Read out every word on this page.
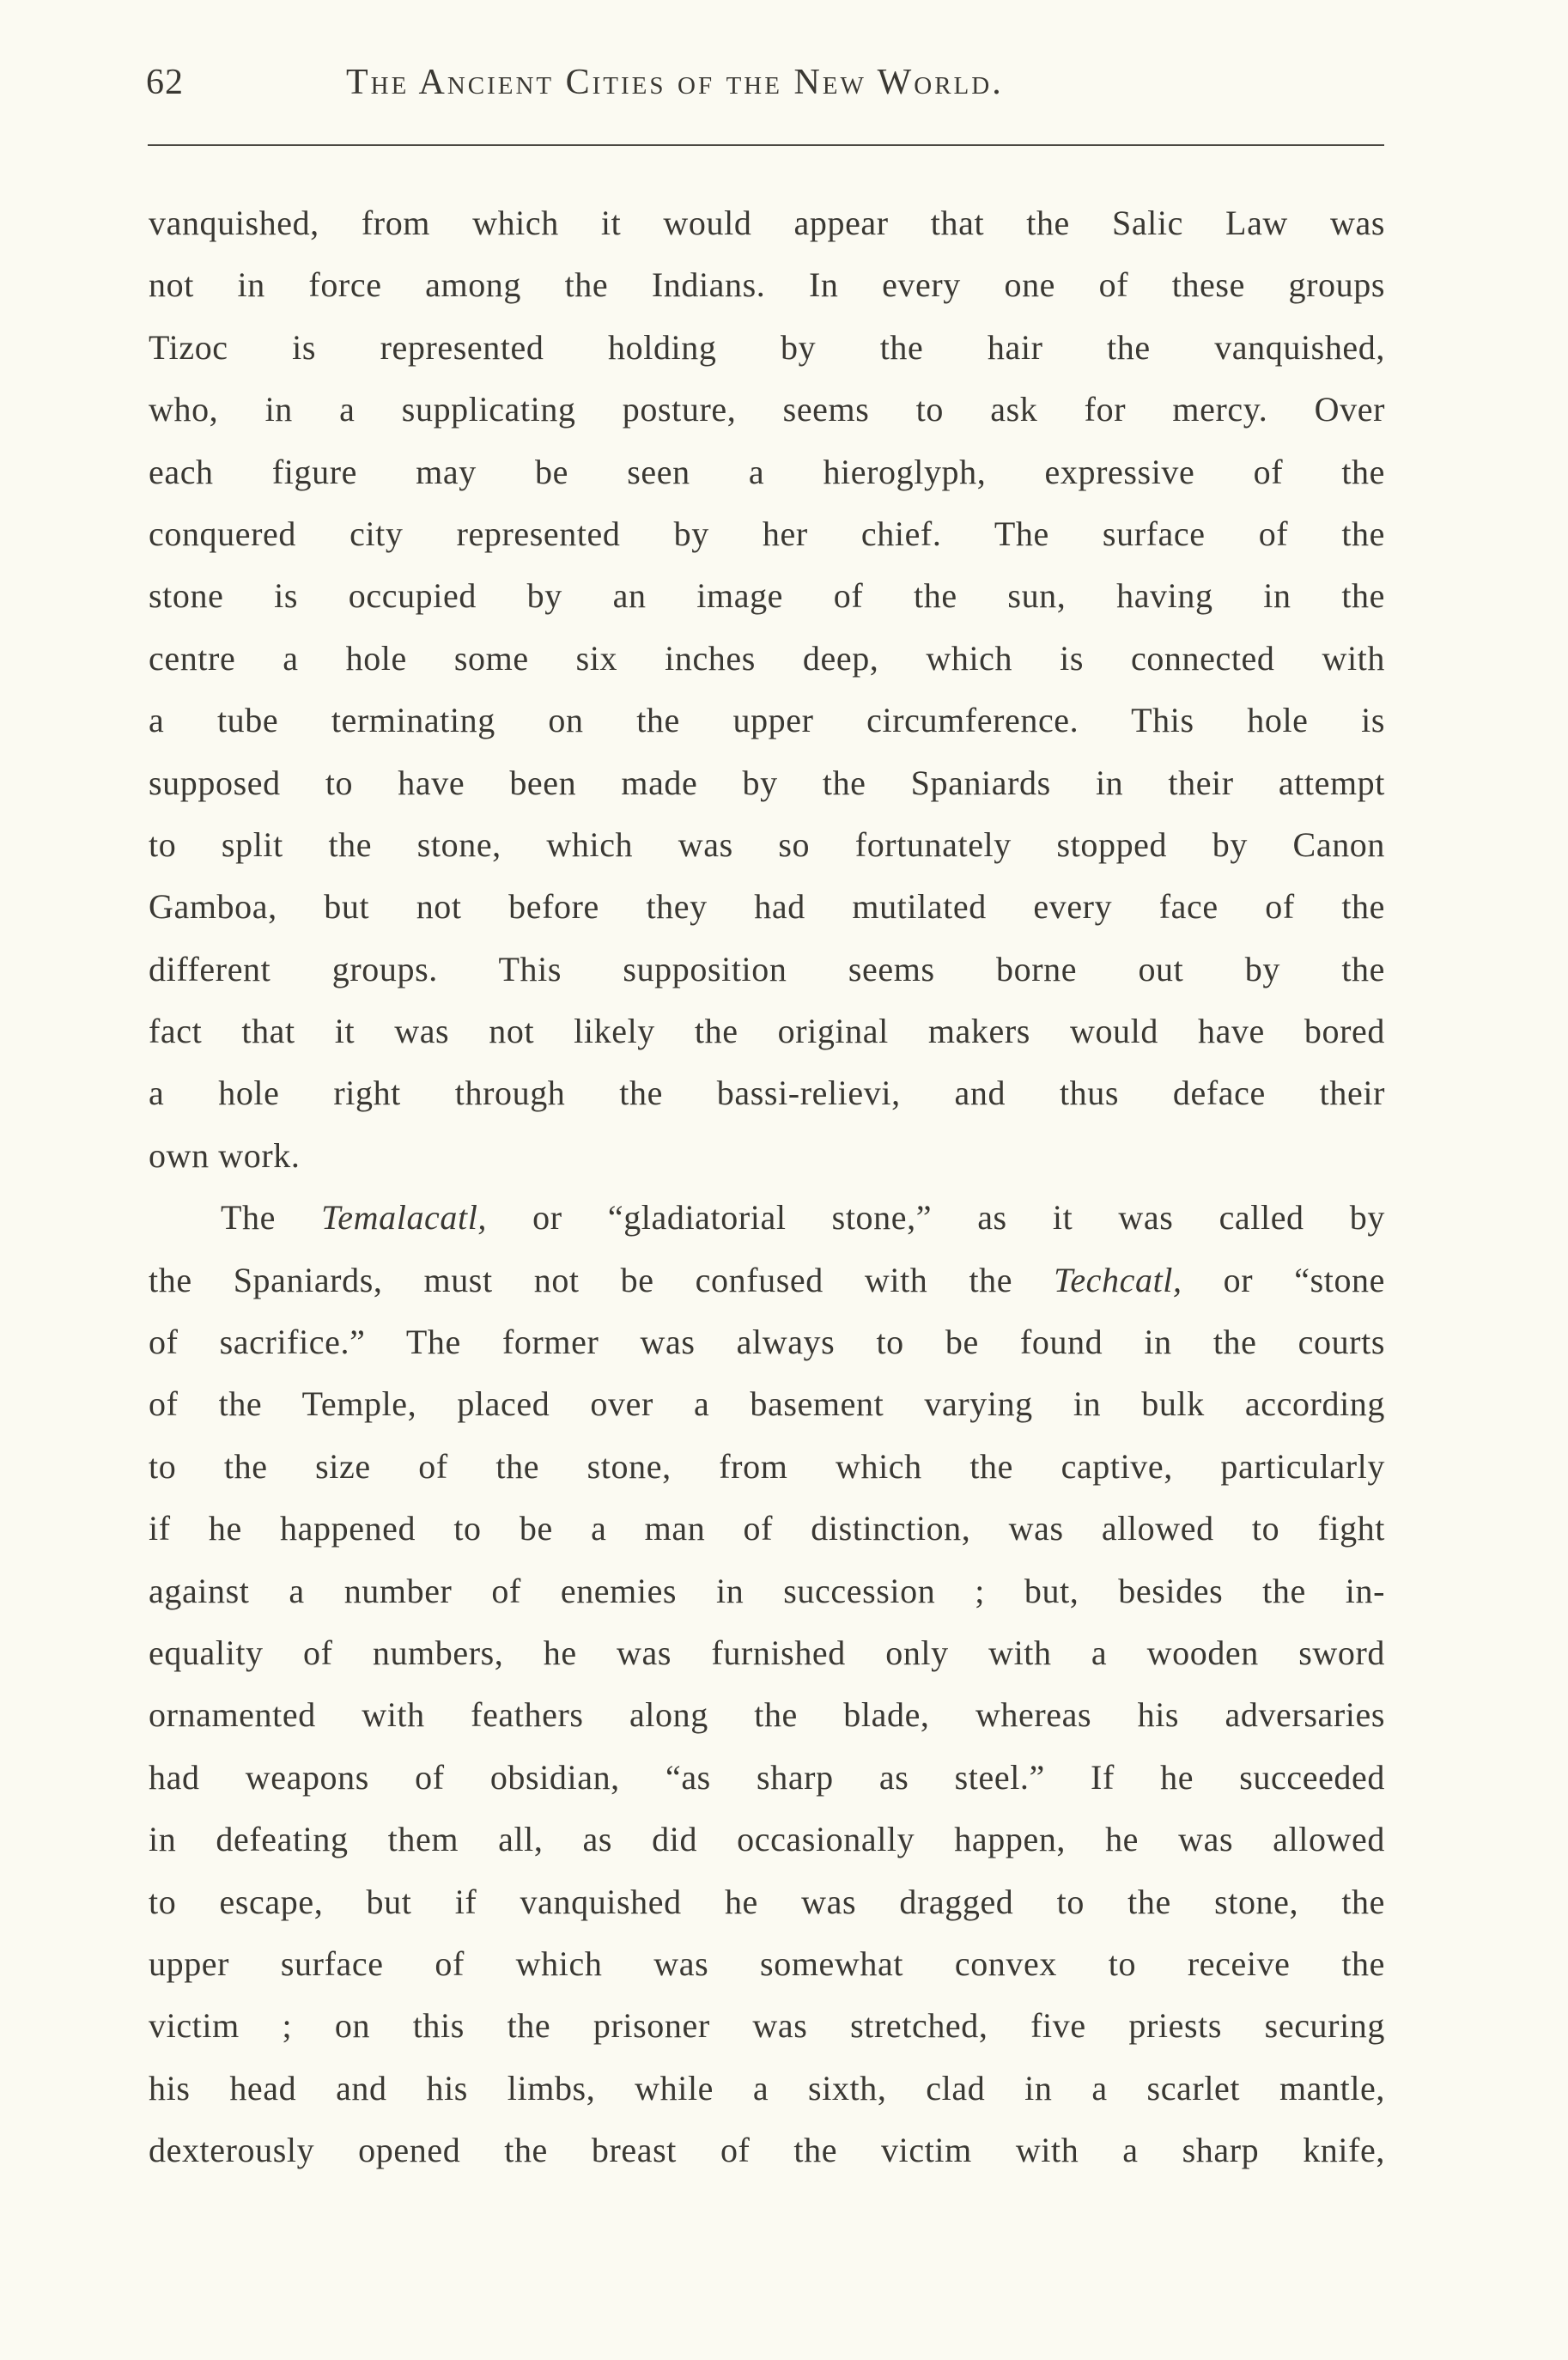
62	The Ancient Cities of the New World.
vanquished, from which it would appear that the Salic Law was
not in force among the Indians. In every one of these groups
Tizoc is represented holding by the hair the vanquished,
who, in a supplicating posture, seems to ask for mercy. Over
each figure may be seen a hieroglyph, expressive of the
conquered city represented by her chief. The surface of the
stone is occupied by an image of the sun, having in the
centre a hole some six inches deep, which is connected with
a tube terminating on the upper circumference. This hole is
supposed to have been made by the Spaniards in their attempt
to split the stone, which was so fortunately stopped by Canon
Gamboa, but not before they had mutilated every face of the
different groups. This supposition seems borne out by the
fact that it was not likely the original makers would have bored
a hole right through the bassi-relievi, and thus deface their
own work.
The Temalacatl, or “gladiatorial stone,” as it was called by
the Spaniards, must not be confused with the Techcatl, or “stone
of sacrifice.” The former was always to be found in the courts
of the Temple, placed over a basement varying in bulk according
to the size of the stone, from which the captive, particularly
if he happened to be a man of distinction, was allowed to fight
against a number of enemies in succession ; but, besides the in-
equality of numbers, he was furnished only with a wooden sword
ornamented with feathers along the blade, whereas his adversaries
had weapons of obsidian, “as sharp as steel.” If he succeeded
in defeating them all, as did occasionally happen, he was allowed
to escape, but if vanquished he was dragged to the stone, the
upper surface of which was somewhat convex to receive the
victim ; on this the prisoner was stretched, five priests securing
his head and his limbs, while a sixth, clad in a scarlet mantle,
dexterously opened the breast of the victim with a sharp knife,
